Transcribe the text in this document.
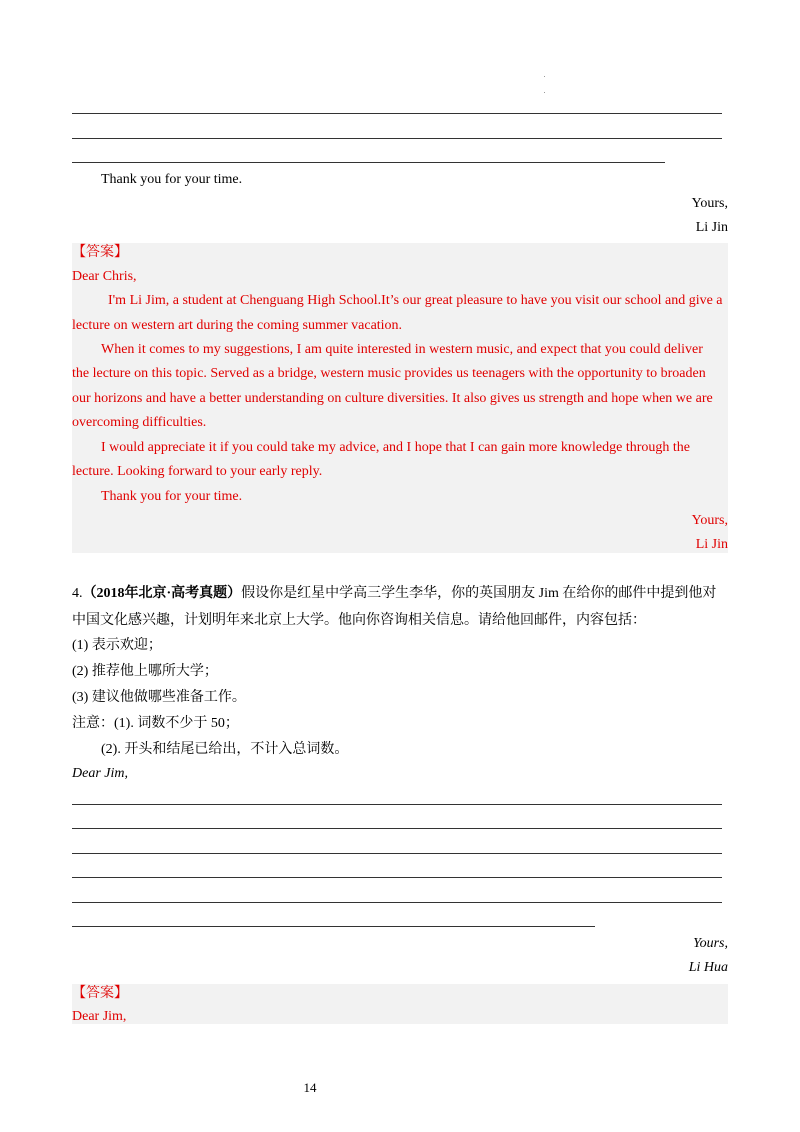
Thank you for your time.
Yours,
Li Jin
【答案】
Dear Chris,
I'm Li Jim, a student at Chenguang High School.It’s our great pleasure to have you visit our school and give a
lecture on western art during the coming summer vacation.
When it comes to my suggestions, I am quite interested in western music, and expect that you could deliver
the lecture on this topic. Served as a bridge, western music provides us teenagers with the opportunity to broaden
our horizons and have a better understanding on culture diversities. It also gives us strength and hope when we are
overcoming difficulties.
I would appreciate it if you could take my advice, and I hope that I can gain more knowledge through the
lecture. Looking forward to your early reply.
Thank you for your time.
Yours,
Li Jin
4.（2018年北京·高考真题）假设你是红星中学高三学生李华，你的英国朋友 Jim 在给你的邮件中提到他对
中国文化感兴趣，计划明年来北京上大学。他向你咨询相关信息。请给他回邮件，内容包括：
(1) 表示欢迎；
(2) 推荐他上哪所大学；
(3) 建议他做哪些准备工作。
注意：(1). 词数不少于 50；
(2). 开头和结尾已给出，不计入总词数。
Dear Jim,
Yours,
Li Hua
【答案】
Dear Jim,
14
